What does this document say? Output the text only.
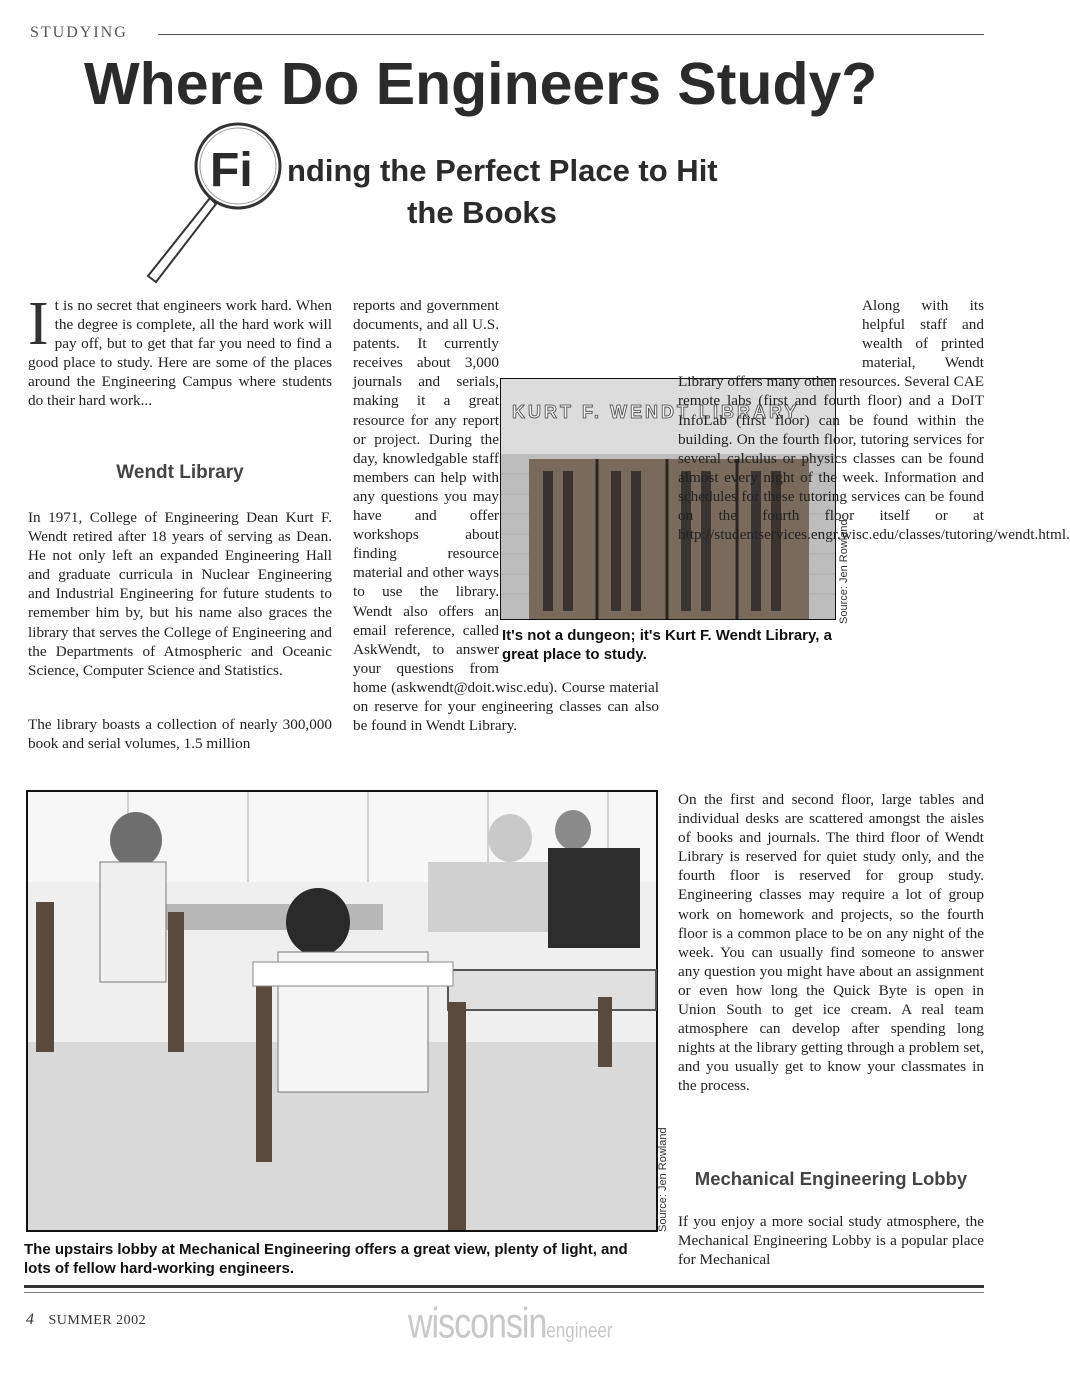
STUDYING
Where Do Engineers Study?
Fi nding the Perfect Place to Hit
the Books
It is no secret that engineers work hard. When the degree is complete, all the hard work will pay off, but to get that far you need to find a good place to study. Here are some of the places around the Engineering Campus where students do their hard work...
Wendt Library
In 1971, College of Engineering Dean Kurt F. Wendt retired after 18 years of serving as Dean. He not only left an expanded Engineering Hall and graduate curricula in Nuclear Engineering and Industrial Engineering for future students to remember him by, but his name also graces the library that serves the College of Engineering and the Departments of Atmospheric and Oceanic Science, Computer Science and Statistics.
The library boasts a collection of nearly 300,000 book and serial volumes, 1.5 million

reports and government documents, and all U.S. patents. It currently receives about 3,000 journals and serials, making it a great resource for any report or project. During the day, knowledgable staff members can help with any questions you may have and offer workshops about finding resource material and other ways to use the library. Wendt also offers an email reference, called AskWendt, to answer your questions from home (askwendt@doit.wisc.edu). Course material on reserve for your engineering classes can also be found in Wendt Library.

KURT F. WENDT LIBRARY
Source: Jen Rowland
It's not a dungeon; it's Kurt F. Wendt Library, a great place to study.

Along with its helpful staff and wealth of printed material, Wendt Library offers many other resources. Several CAE remote labs (first and fourth floor) and a DoIT InfoLab (first floor) can be found within the building. On the fourth floor, tutoring services for several calculus or physics classes can be found almost every night of the week. Information and schedules for these tutoring services can be found on the fourth floor itself or at http://studentservices.engr.wisc.edu/classes/tutoring/wendt.html.

On the first and second floor, large tables and individual desks are scattered amongst the aisles of books and journals. The third floor of Wendt Library is reserved for quiet study only, and the fourth floor is reserved for group study. Engineering classes may require a lot of group work on homework and projects, so the fourth floor is a common place to be on any night of the week. You can usually find someone to answer any question you might have about an assignment or even how long the Quick Byte is open in Union South to get ice cream. A real team atmosphere can develop after spending long nights at the library getting through a problem set, and you usually get to know your classmates in the process.
Mechanical Engineering Lobby
If you enjoy a more social study atmosphere, the Mechanical Engineering Lobby is a popular place for Mechanical
Source: Jen Rowland
The upstairs lobby at Mechanical Engineering offers a great view, plenty of light, and lots of fellow hard-working engineers.
4 SUMMER 2002	wisconsinengineer
